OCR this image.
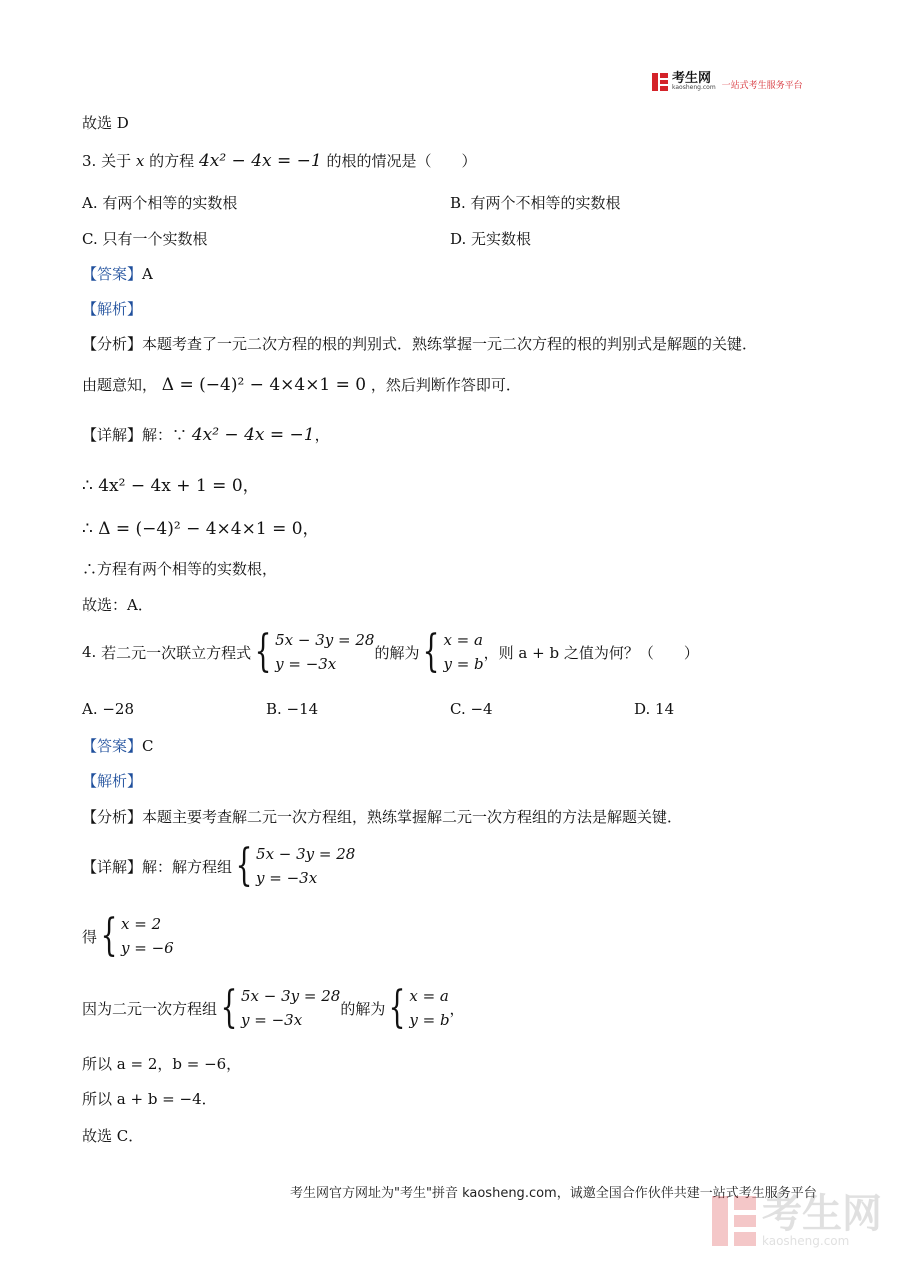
考生网
kaosheng.com 一站式考生服务平台
故选 D
3. 关于 x 的方程 4x² − 4x = −1 的根的情况是（　　）
A. 有两个相等的实数根	B. 有两个不相等的实数根
C. 只有一个实数根	D. 无实数根
【答案】A
【解析】
【分析】本题考查了一元二次方程的根的判别式．熟练掌握一元二次方程的根的判别式是解题的关键．
由题意知， Δ = (−4)² − 4×4×1 = 0 ，然后判断作答即可．
【详解】解：∵ 4x² − 4x = −1，
∴ 4x² − 4x + 1 = 0，
∴ Δ = (−4)² − 4×4×1 = 0，
∴方程有两个相等的实数根，
故选：A．
4.
若二元一次联立方程式 { 5x − 3y = 28
y = −3x
的解为 { x = a
y = b
，则 a + b 之值为何？（　　）
A. −28	B. −14	C. −4	D. 14
【答案】C
【解析】
【分析】本题主要考查解二元一次方程组，熟练掌握解二元一次方程组的方法是解题关键．
【详解】 解：解方程组 { 5x − 3y = 28
y = −3x
得 { x = 2
y = −6
因为二元一次方程组 { 5x − 3y = 28
y = −3x
的解为 { x = a
y = b
，
所以 a = 2，b = −6，
所以 a + b = −4．
故选 C．
考生网官方网址为"考生"拼音 kaosheng.com，诚邀全国合作伙伴共建一站式考生服务平台
考生网
kaosheng.com
